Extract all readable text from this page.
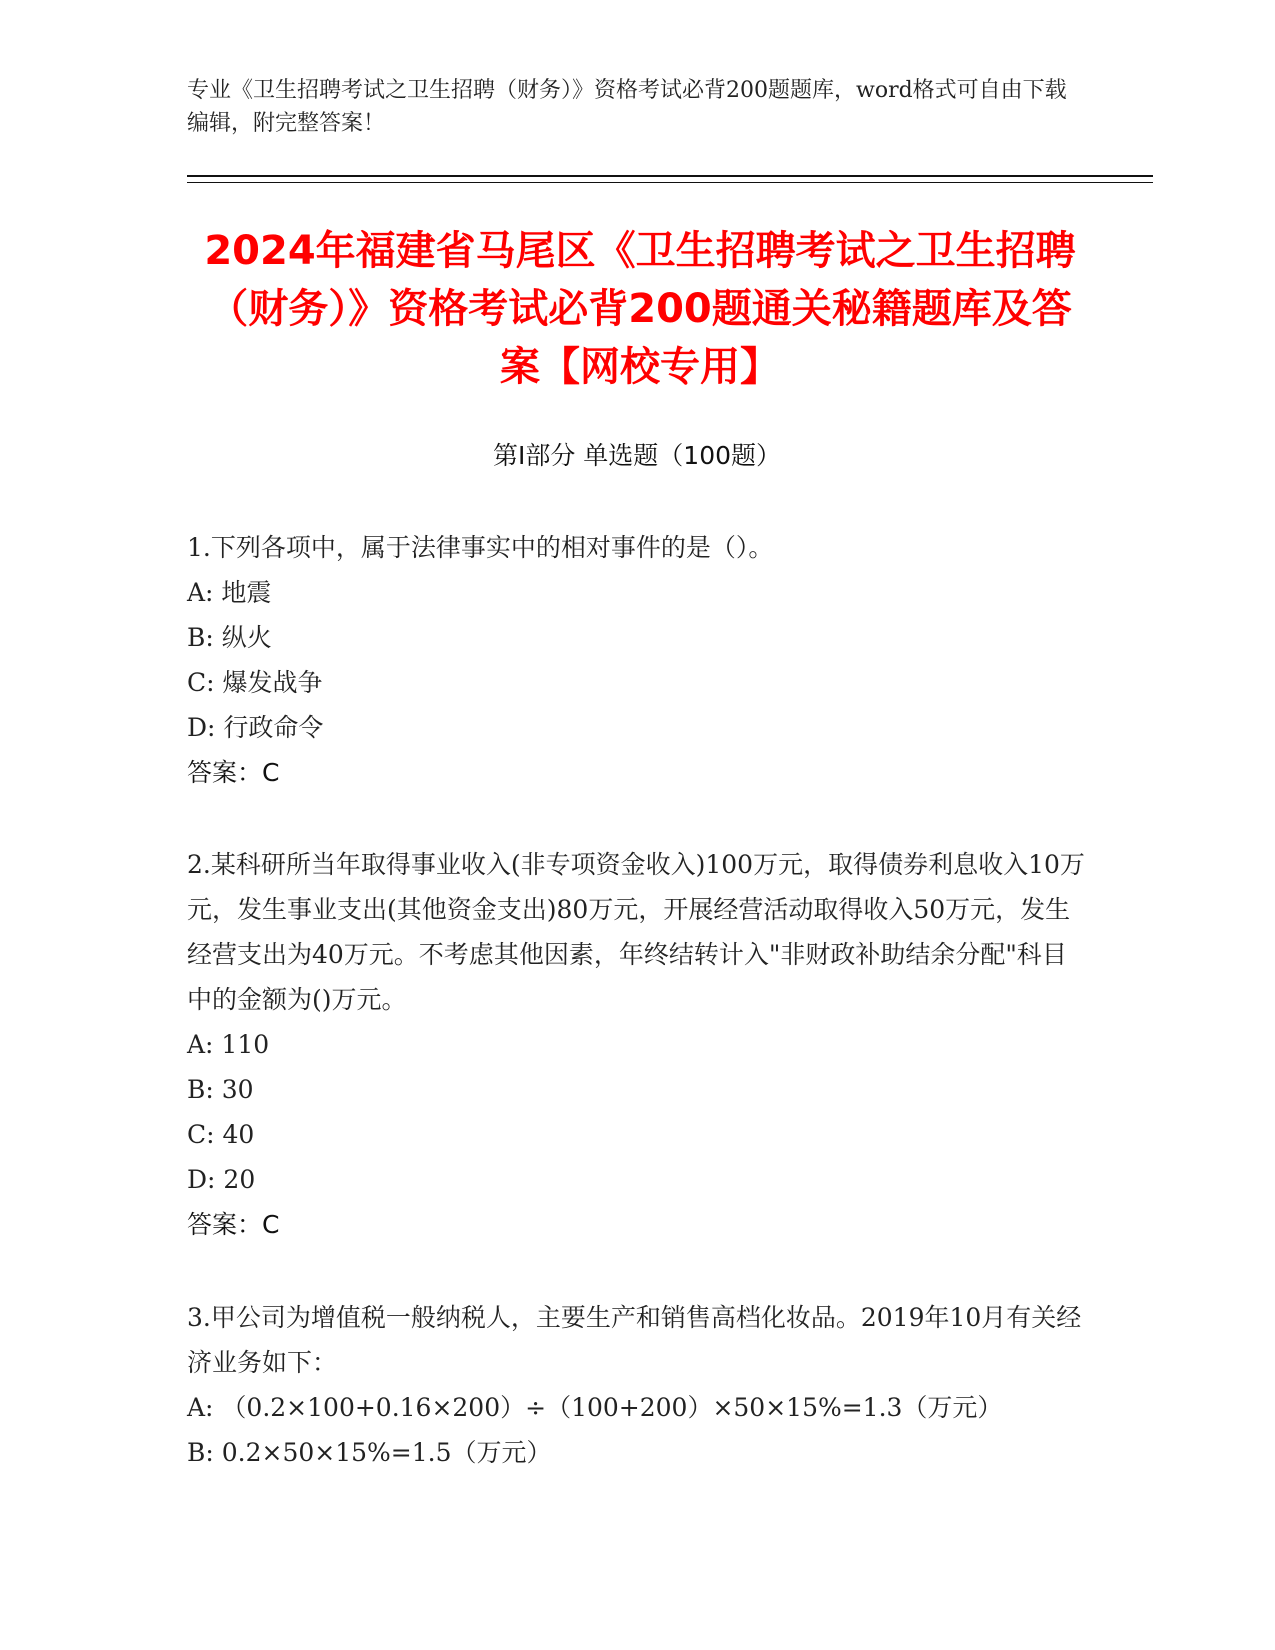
专业《卫生招聘考试之卫生招聘（财务）》资格考试必背200题题库，word格式可自由下载编辑，附完整答案！
2024年福建省马尾区《卫生招聘考试之卫生招聘（财务）》资格考试必背200题通关秘籍题库及答案【网校专用】
第I部分 单选题（100题）

1.下列各项中，属于法律事实中的相对事件的是（）。

A: 地震

B: 纵火

C: 爆发战争

D: 行政命令

答案：C

2.某科研所当年取得事业收入(非专项资金收入)100万元，取得债券利息收入10万元，发生事业支出(其他资金支出)80万元，开展经营活动取得收入50万元，发生经营支出为40万元。不考虑其他因素，年终结转计入"非财政补助结余分配"科目中的金额为()万元。

A: 110

B: 30

C: 40

D: 20

答案：C

3.甲公司为增值税一般纳税人，主要生产和销售高档化妆品。2019年10月有关经济业务如下：

A: （0.2×100+0.16×200）÷（100+200）×50×15%=1.3（万元）

B: 0.2×50×15%=1.5（万元）
